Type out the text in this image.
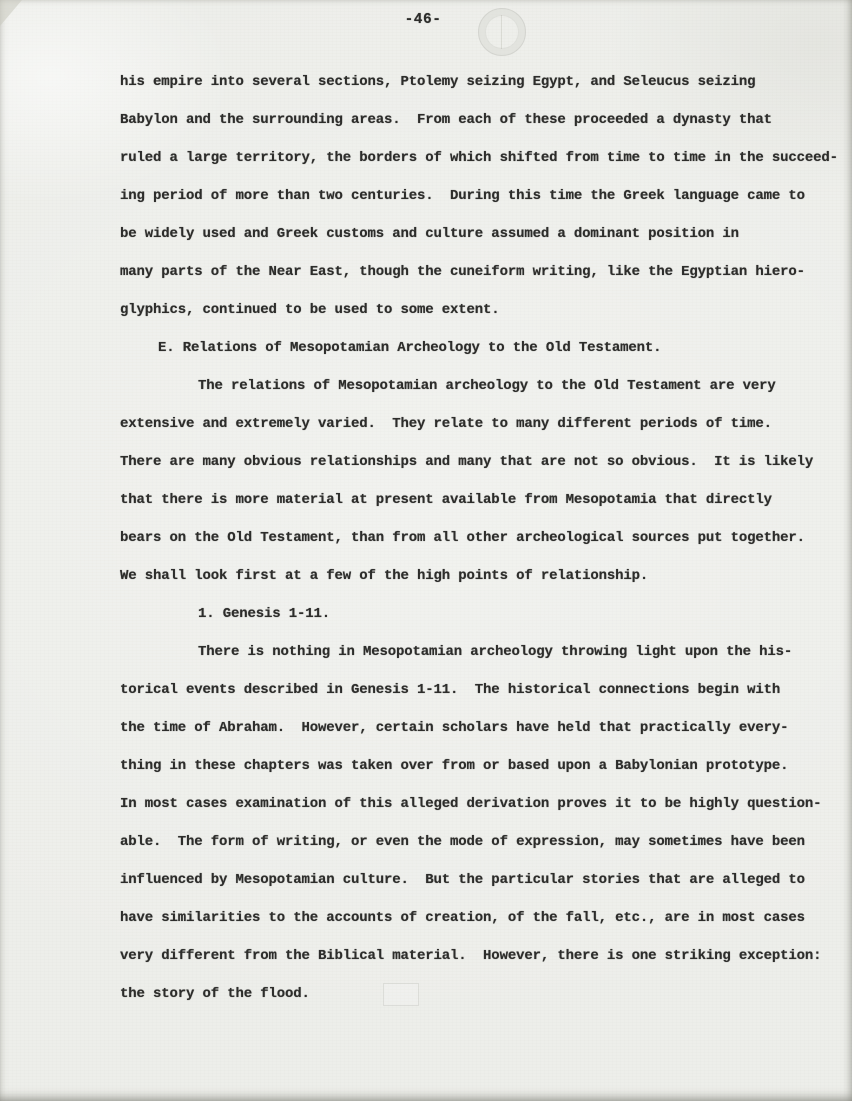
-46-
his empire into several sections, Ptolemy seizing Egypt, and Seleucus seizing
Babylon and the surrounding areas.  From each of these proceeded a dynasty that
ruled a large territory, the borders of which shifted from time to time in the succeed-
ing period of more than two centuries.  During this time the Greek language came to
be widely used and Greek customs and culture assumed a dominant position in
many parts of the Near East, though the cuneiform writing, like the Egyptian hiero-
glyphics, continued to be used to some extent.
E. Relations of Mesopotamian Archeology to the Old Testament.
The relations of Mesopotamian archeology to the Old Testament are very
extensive and extremely varied.  They relate to many different periods of time.
There are many obvious relationships and many that are not so obvious.  It is likely
that there is more material at present available from Mesopotamia that directly
bears on the Old Testament, than from all other archeological sources put together.
We shall look first at a few of the high points of relationship.
1. Genesis 1-11.
There is nothing in Mesopotamian archeology throwing light upon the his-
torical events described in Genesis 1-11.  The historical connections begin with
the time of Abraham.  However, certain scholars have held that practically every-
thing in these chapters was taken over from or based upon a Babylonian prototype.
In most cases examination of this alleged derivation proves it to be highly question-
able.  The form of writing, or even the mode of expression, may sometimes have been
influenced by Mesopotamian culture.  But the particular stories that are alleged to
have similarities to the accounts of creation, of the fall, etc., are in most cases
very different from the Biblical material.  However, there is one striking exception:
the story of the flood.
